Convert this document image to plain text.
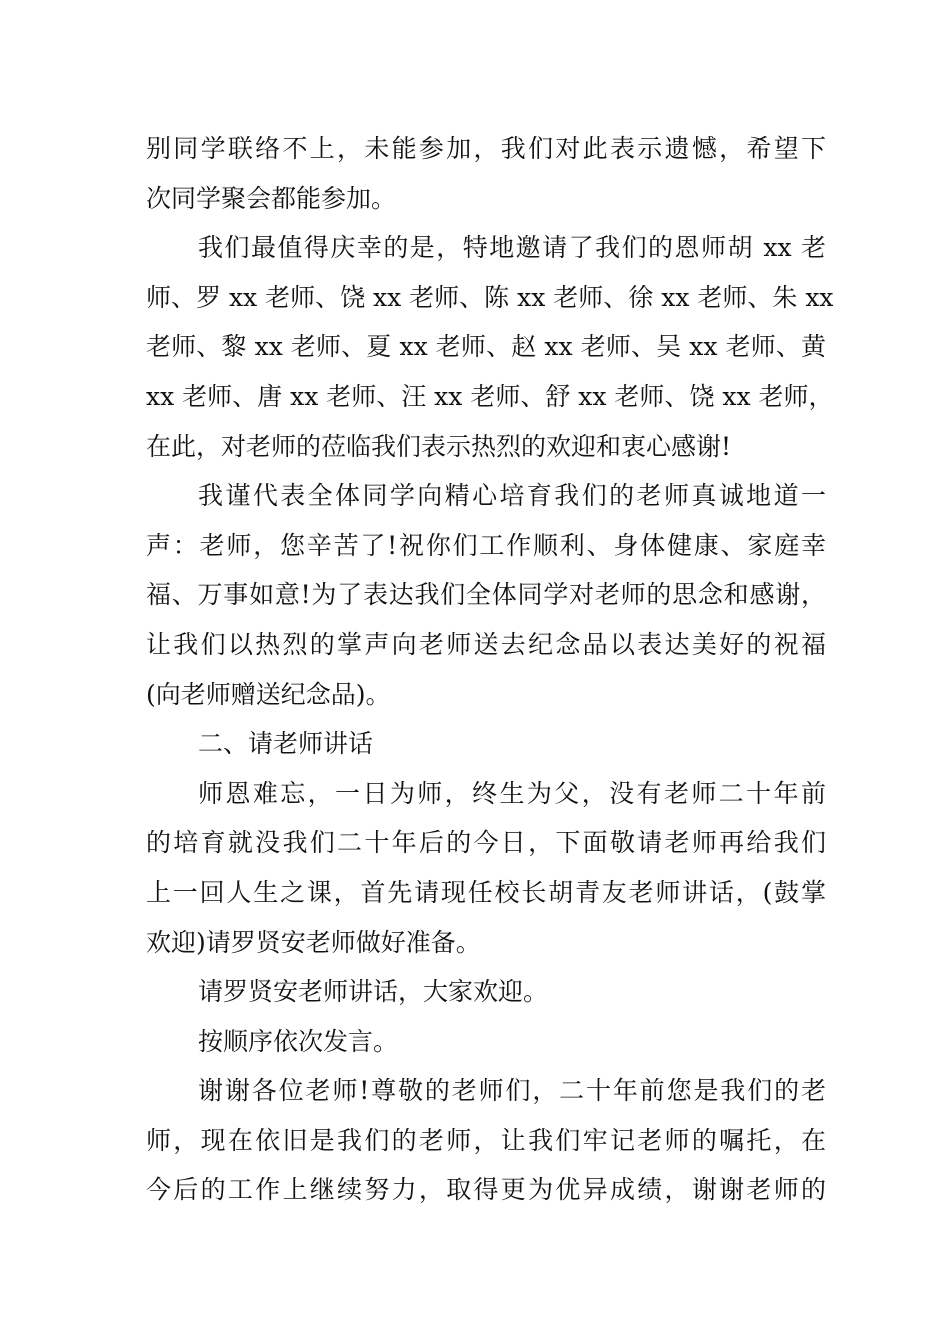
别同学联络不上，未能参加，我们对此表示遗憾，希望下
次同学聚会都能参加。
我们最值得庆幸的是，特地邀请了我们的恩师胡 xx 老
师、罗 xx 老师、饶 xx 老师、陈 xx 老师、徐 xx 老师、朱 xx
老师、黎 xx 老师、夏 xx 老师、赵 xx 老师、吴 xx 老师、黄
xx 老师、唐 xx 老师、汪 xx 老师、舒 xx 老师、饶 xx 老师，
在此，对老师的莅临我们表示热烈的欢迎和衷心感谢!
我谨代表全体同学向精心培育我们的老师真诚地道一
声：老师，您辛苦了!祝你们工作顺利、身体健康、家庭幸
福、万事如意!为了表达我们全体同学对老师的思念和感谢，
让我们以热烈的掌声向老师送去纪念品以表达美好的祝福
(向老师赠送纪念品)。
二、请老师讲话
师恩难忘，一日为师，终生为父，没有老师二十年前
的培育就没我们二十年后的今日，下面敬请老师再给我们
上一回人生之课，首先请现任校长胡青友老师讲话，(鼓掌
欢迎)请罗贤安老师做好准备。
请罗贤安老师讲话，大家欢迎。
按顺序依次发言。
谢谢各位老师!尊敬的老师们，二十年前您是我们的老
师，现在依旧是我们的老师，让我们牢记老师的嘱托，在
今后的工作上继续努力，取得更为优异成绩，谢谢老师的
